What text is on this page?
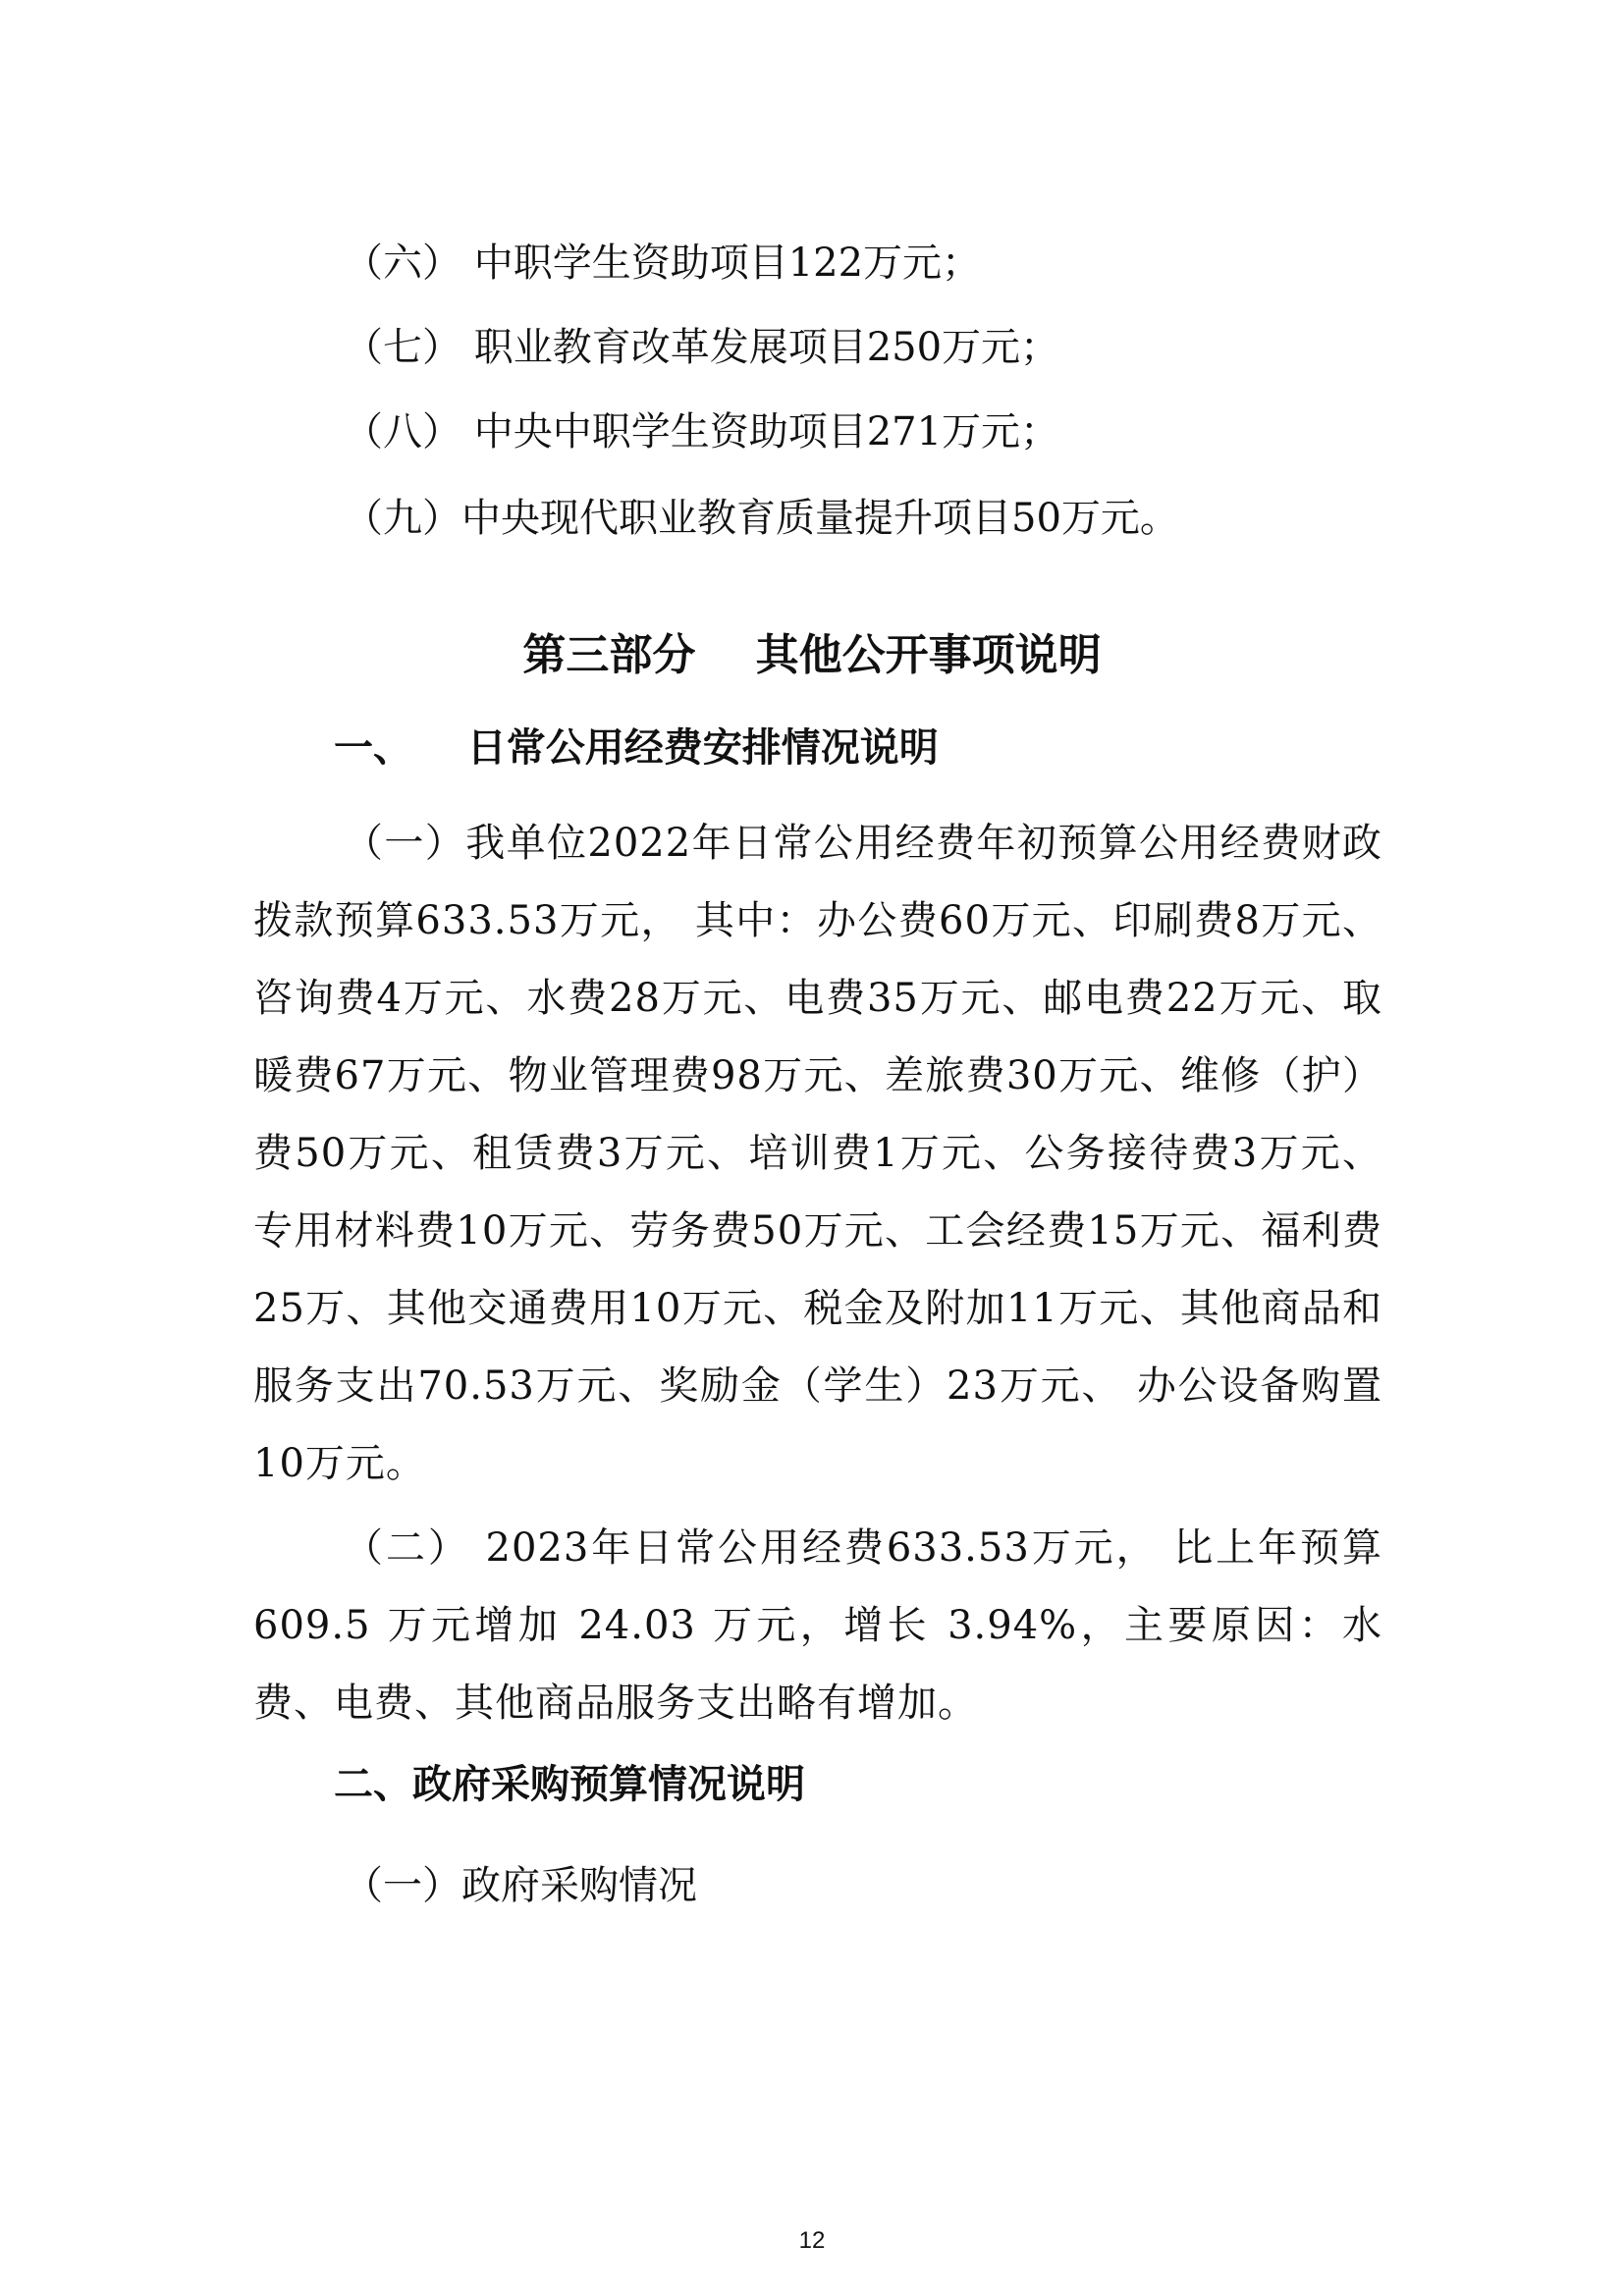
（六） 中职学生资助项目122万元；
（七） 职业教育改革发展项目250万元；
（八） 中央中职学生资助项目271万元；
（九）中央现代职业教育质量提升项目50万元。
第三部分    其他公开事项说明
一、    日常公用经费安排情况说明
（一）我单位2022年日常公用经费年初预算公用经费财政拨款预算633.53万元， 其中：办公费60万元、印刷费8万元、咨询费4万元、水费28万元、电费35万元、邮电费22万元、取暖费67万元、物业管理费98万元、差旅费30万元、维修（护）费50万元、租赁费3万元、培训费1万元、公务接待费3万元、专用材料费10万元、劳务费50万元、工会经费15万元、福利费25万、其他交通费用10万元、税金及附加11万元、其他商品和服务支出70.53万元、奖励金（学生）23万元、 办公设备购置10万元。
（二） 2023年日常公用经费633.53万元， 比上年预算609.5 万元增加 24.03 万元，增长 3.94%，主要原因：水费、电费、其他商品服务支出略有增加。
二、政府采购预算情况说明
（一）政府采购情况
12
